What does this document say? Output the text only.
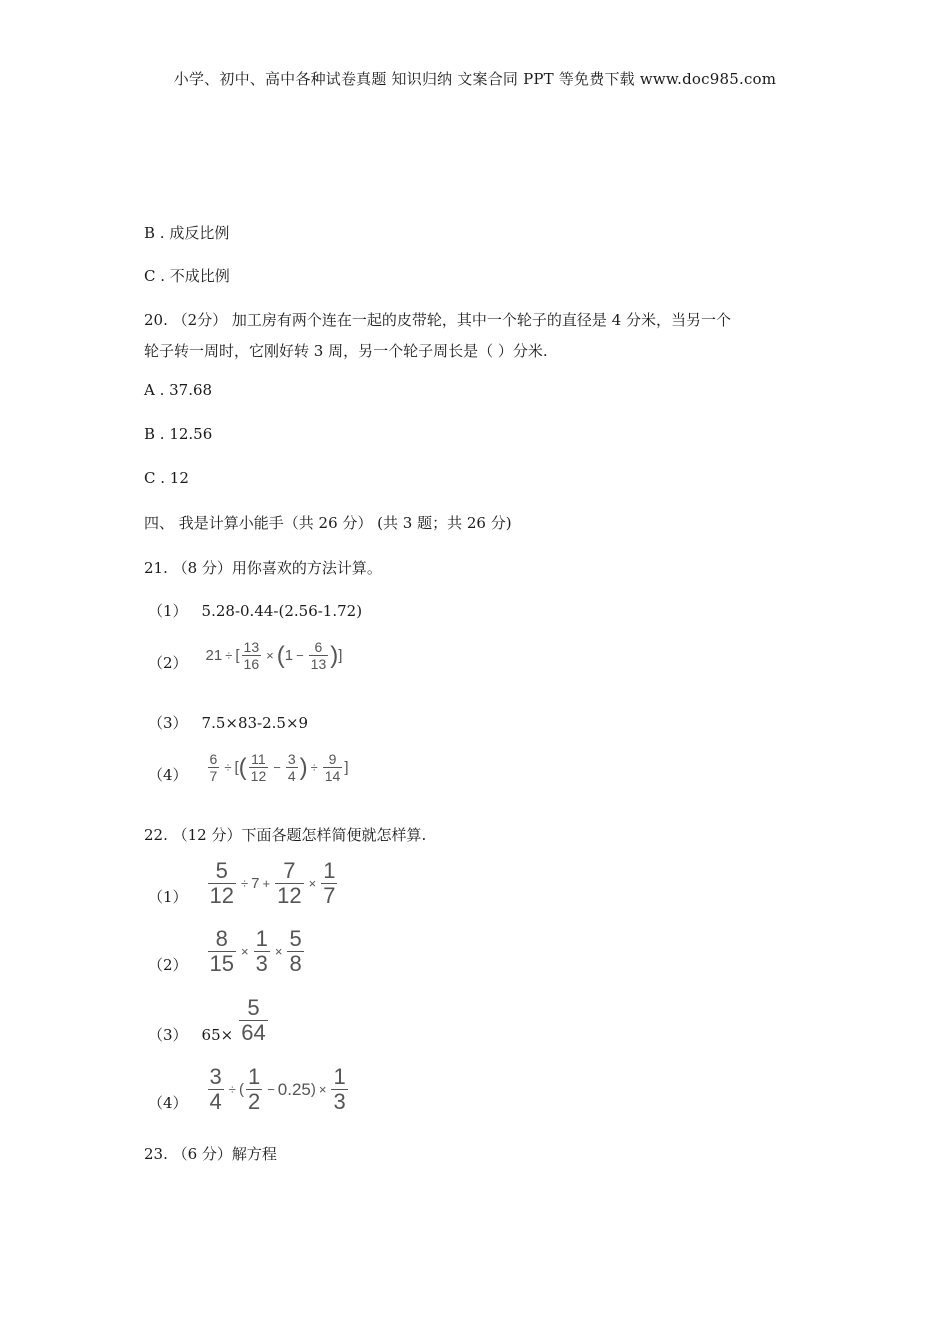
小学、初中、高中各种试卷真题 知识归纳 文案合同 PPT 等免费下载 www.doc985.com
B . 成反比例
C . 不成比例
20. （2分） 加工房有两个连在一起的皮带轮，其中一个轮子的直径是 4 分米，当另一个
轮子转一周时，它刚好转 3 周，另一个轮子周长是（ ）分米.
A . 37.68
B . 12.56
C . 12
四、 我是计算小能手（共 26 分） (共 3 题；共 26 分)
21. （8 分）用你喜欢的方法计算。
（1） 5.28-0.44-(2.56-1.72)
（2） 21 ÷ [ $\frac{13}{16}$ × ( $1 - \frac{6}{13}$ ) ]
（3） 7.5×83-2.5×9
$(4) \frac{6}{7}$ ÷ [ ( $\frac{11}{12} - \frac{3}{4}$ ) ÷ $\frac{9}{14}$ ]
22. （12 分）下面各题怎样简便就怎样算.
$(1) \frac{5}{12} \div 7 + \frac{7}{12} \times \frac{1}{7}$
$(2) \frac{8}{15} \times \frac{1}{3} \times \frac{5}{8}$
（3） $65\times \frac{5}{64}$
$(4) \frac{3}{4}$ ÷ ( $\frac{1}{2} - 0.25$ ) × $\frac{1}{3}$
23. （6 分）解方程
